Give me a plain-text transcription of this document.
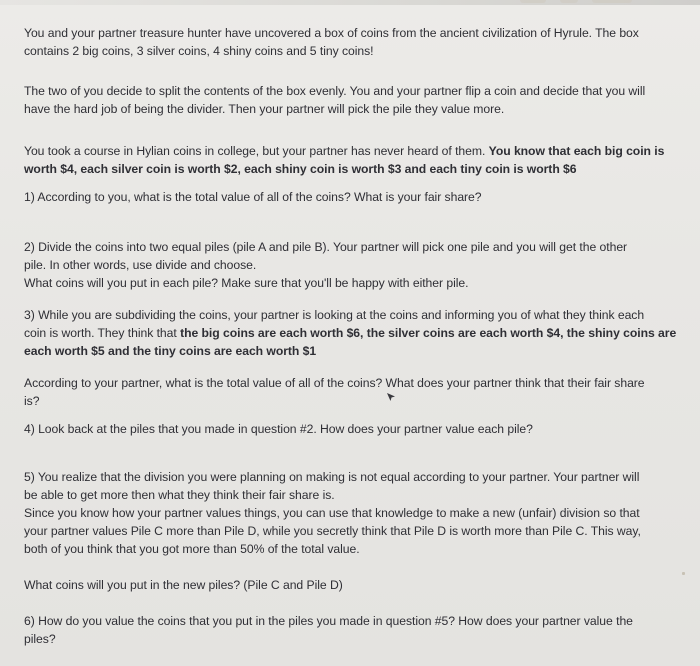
You and your partner treasure hunter have uncovered a box of coins from the ancient civilization of Hyrule. The box
contains 2 big coins, 3 silver coins, 4 shiny coins and 5 tiny coins!

The two of you decide to split the contents of the box evenly. You and your partner flip a coin and decide that you will
have the hard job of being the divider. Then your partner will pick the pile they value more.

You took a course in Hylian coins in college, but your partner has never heard of them. You know that each big coin is
worth $4, each silver coin is worth $2, each shiny coin is worth $3 and each tiny coin is worth $6

1) According to you, what is the total value of all of the coins? What is your fair share?

2) Divide the coins into two equal piles (pile A and pile B). Your partner will pick one pile and you will get the other
pile. In other words, use divide and choose.
What coins will you put in each pile? Make sure that you'll be happy with either pile.

3) While you are subdividing the coins, your partner is looking at the coins and informing you of what they think each
coin is worth. They think that the big coins are each worth $6, the silver coins are each worth $4, the shiny coins are
each worth $5 and the tiny coins are each worth $1

According to your partner, what is the total value of all of the coins? What does your partner think that their fair share
is?

4) Look back at the piles that you made in question #2. How does your partner value each pile?

5) You realize that the division you were planning on making is not equal according to your partner. Your partner will
be able to get more then what they think their fair share is.
Since you know how your partner values things, you can use that knowledge to make a new (unfair) division so that
your partner values Pile C more than Pile D, while you secretly think that Pile D is worth more than Pile C. This way,
both of you think that you got more than 50% of the total value.

What coins will you put in the new piles? (Pile C and Pile D)

6) How do you value the coins that you put in the piles you made in question #5? How does your partner value the
piles?
